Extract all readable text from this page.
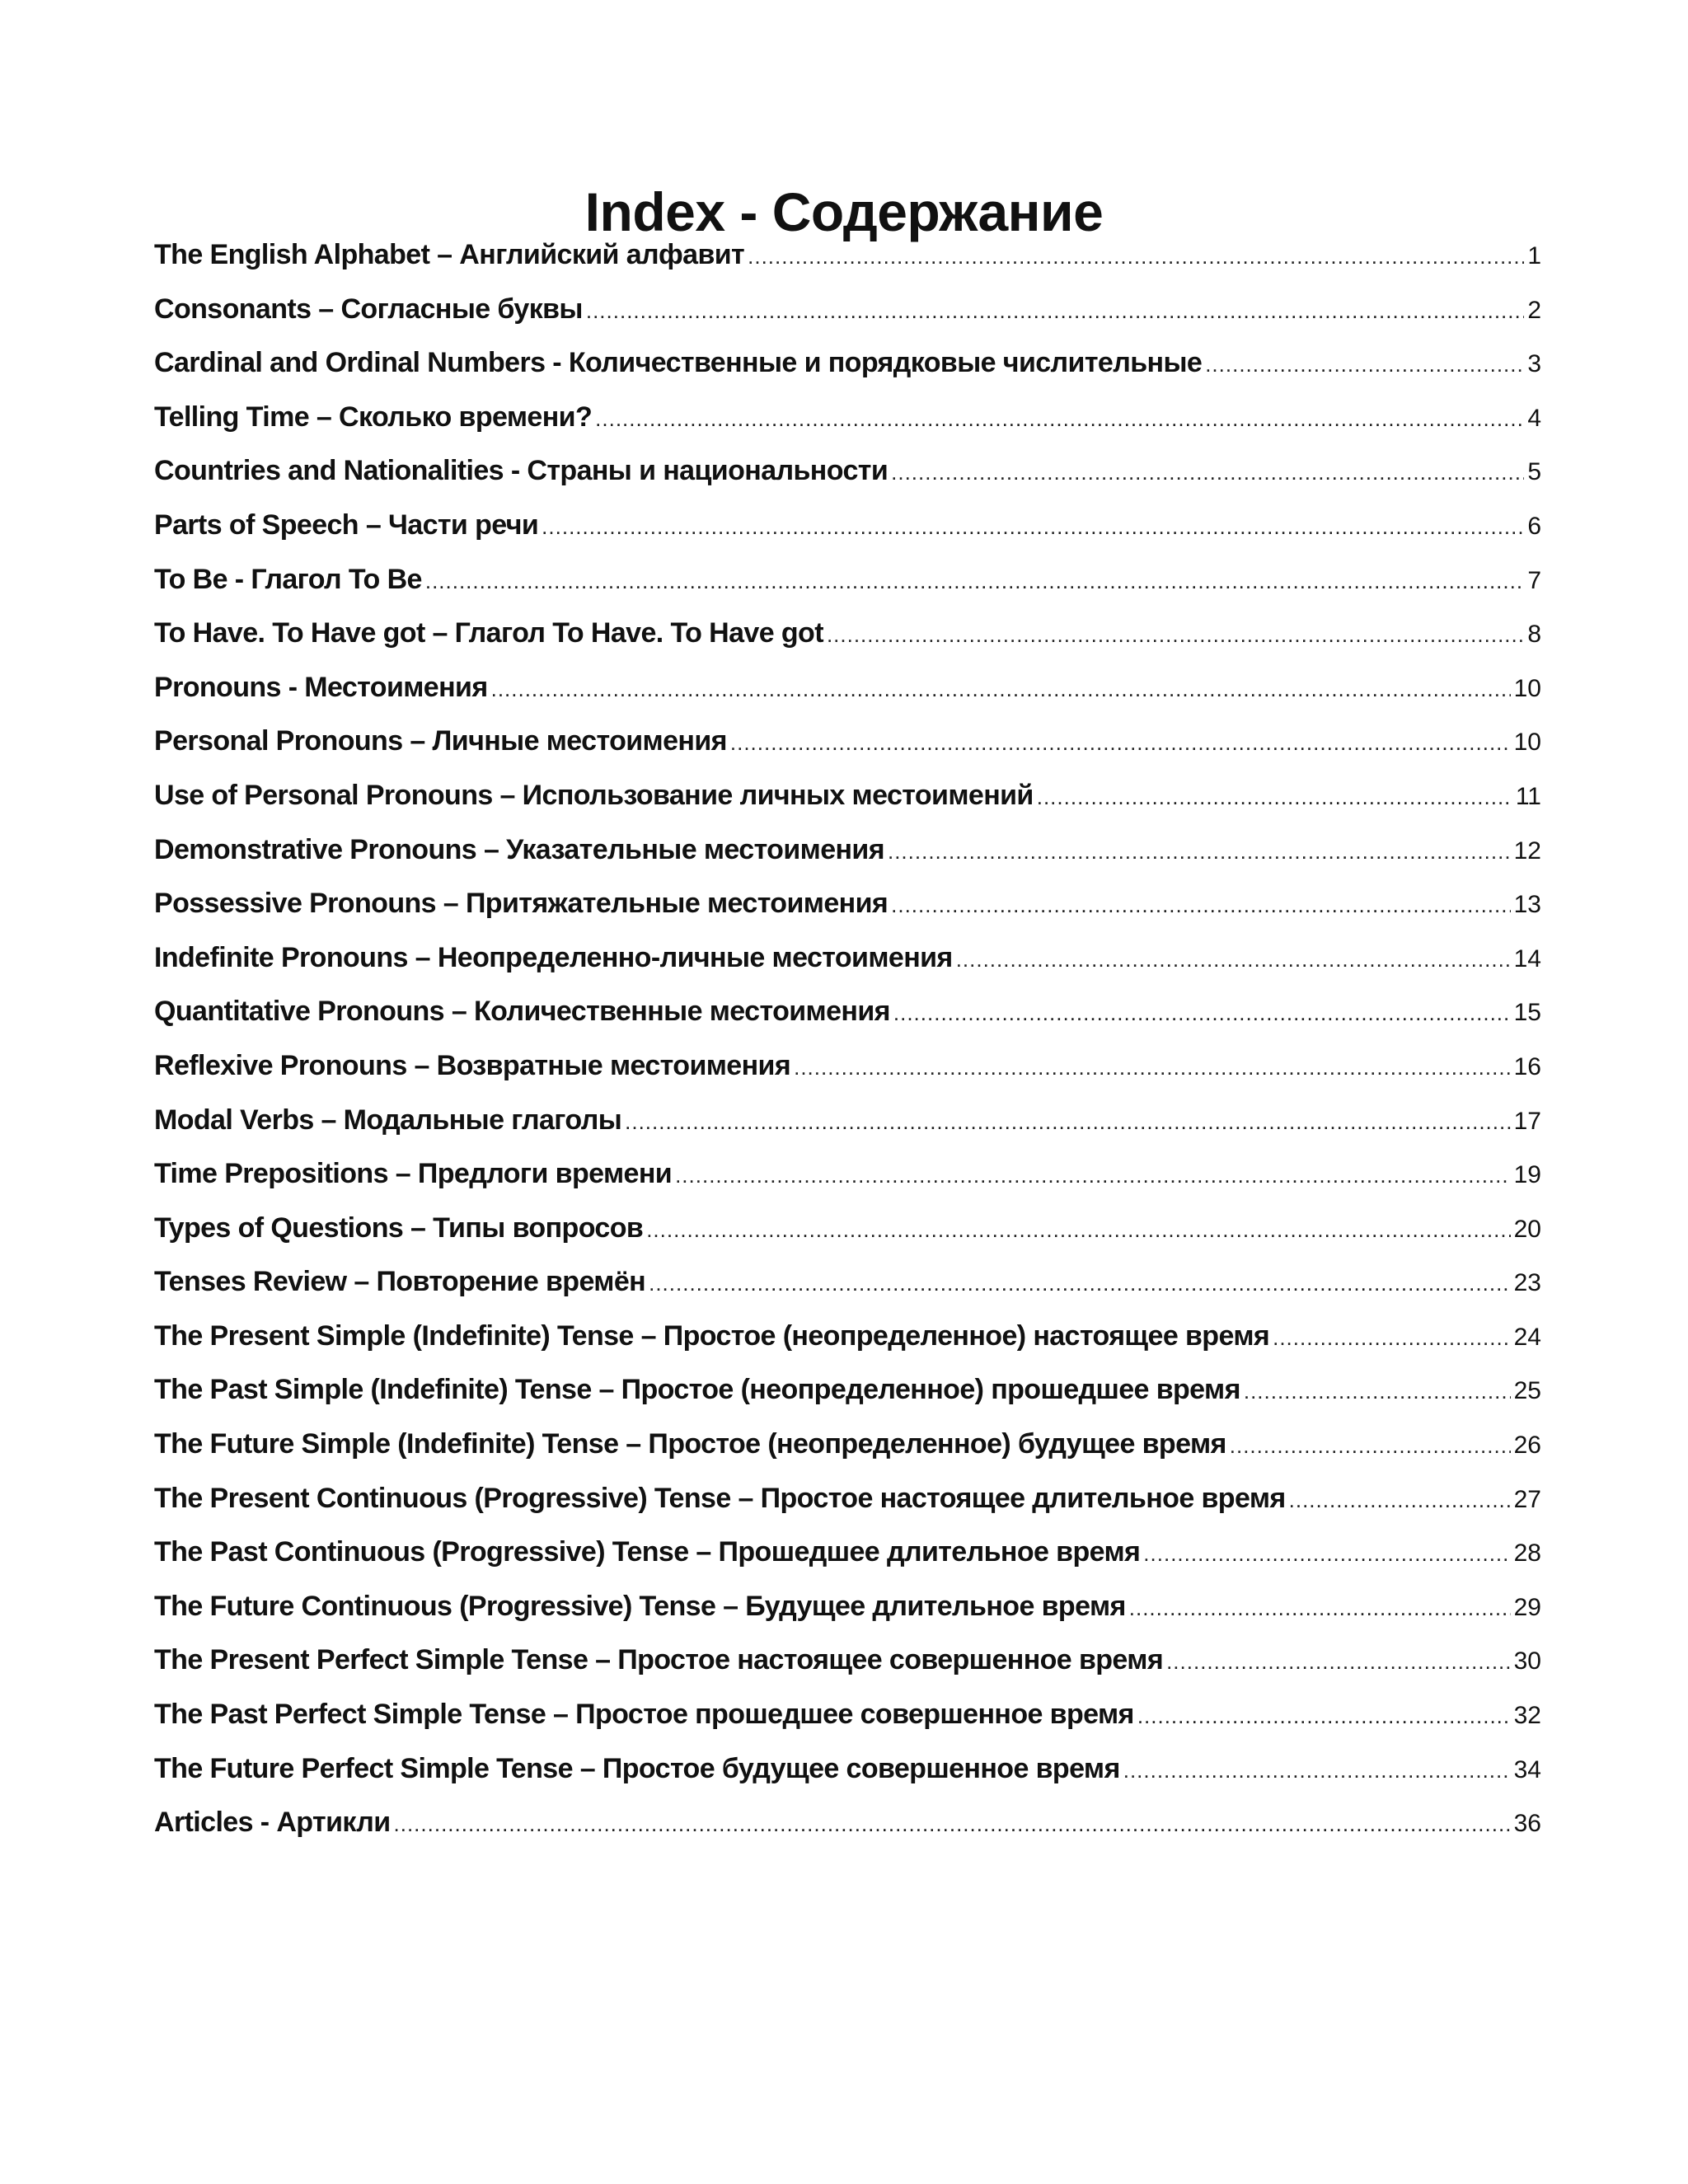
Index - Содержание
The English Alphabet – Английский алфавит .....	1
Consonants – Согласные буквы .....	2
Cardinal and Ordinal Numbers - Количественные и порядковые числительные .....	3
Telling Time – Сколько времени? .....	4
Countries and Nationalities - Страны и национальности .....	5
Parts of Speech – Части речи .....	6
To Be - Глагол To Be .....	7
To Have. To Have got – Глагол To Have. To Have got .....	8
Pronouns - Местоимения .....	10
Personal Pronouns – Личные местоимения .....	10
Use of Personal Pronouns – Использование личных местоимений .....	11
Demonstrative Pronouns – Указательные местоимения .....	12
Possessive Pronouns – Притяжательные местоимения .....	13
Indefinite Pronouns – Неопределенно-личные местоимения .....	14
Quantitative Pronouns – Количественные местоимения .....	15
Reflexive Pronouns – Возвратные местоимения .....	16
Modal Verbs – Модальные глаголы .....	17
Time Prepositions – Предлоги времени .....	19
Types of Questions – Типы вопросов .....	20
Tenses Review – Повторение времён .....	23
The Present Simple (Indefinite) Tense – Простое (неопределенное) настоящее время .....	24
The Past Simple (Indefinite) Tense – Простое (неопределенное) прошедшее время .....	25
The Future Simple (Indefinite) Tense – Простое (неопределенное) будущее время .....	26
The Present Continuous (Progressive) Tense – Простое настоящее длительное время .....	27
The Past Continuous (Progressive) Tense – Прошедшее длительное время .....	28
The Future Continuous (Progressive) Tense – Будущее длительное время .....	29
The Present Perfect Simple Tense – Простое настоящее совершенное время .....	30
The Past Perfect Simple Tense – Простое прошедшее совершенное время .....	32
The Future Perfect Simple Tense – Простое будущее совершенное время .....	34
Articles - Артикли .....	36
